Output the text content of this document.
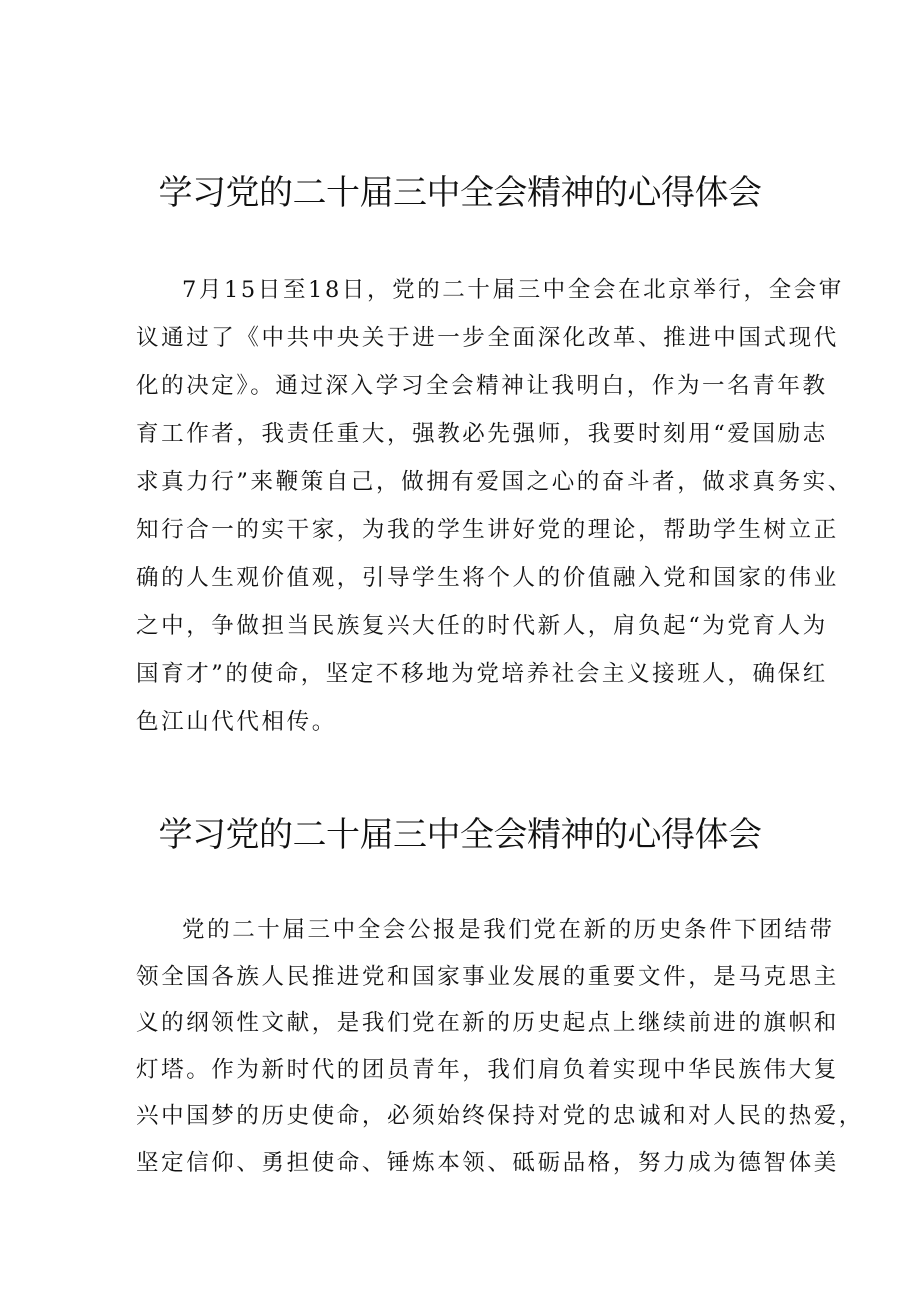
学习党的二十届三中全会精神的心得体会
7月15日至18日，党的二十届三中全会在北京举行，全会审
议通过了《中共中央关于进一步全面深化改革、推进中国式现代
化的决定》。通过深入学习全会精神让我明白，作为一名青年教
育工作者，我责任重大，强教必先强师，我要时刻用“爱国励志
求真力行”来鞭策自己，做拥有爱国之心的奋斗者，做求真务实、
知行合一的实干家，为我的学生讲好党的理论，帮助学生树立正
确的人生观价值观，引导学生将个人的价值融入党和国家的伟业
之中，争做担当民族复兴大任的时代新人，肩负起“为党育人为
国育才”的使命，坚定不移地为党培养社会主义接班人，确保红
色江山代代相传。
学习党的二十届三中全会精神的心得体会
党的二十届三中全会公报是我们党在新的历史条件下团结带
领全国各族人民推进党和国家事业发展的重要文件，是马克思主
义的纲领性文献，是我们党在新的历史起点上继续前进的旗帜和
灯塔。作为新时代的团员青年，我们肩负着实现中华民族伟大复
兴中国梦的历史使命，必须始终保持对党的忠诚和对人民的热爱，
坚定信仰、勇担使命、锤炼本领、砥砺品格，努力成为德智体美
